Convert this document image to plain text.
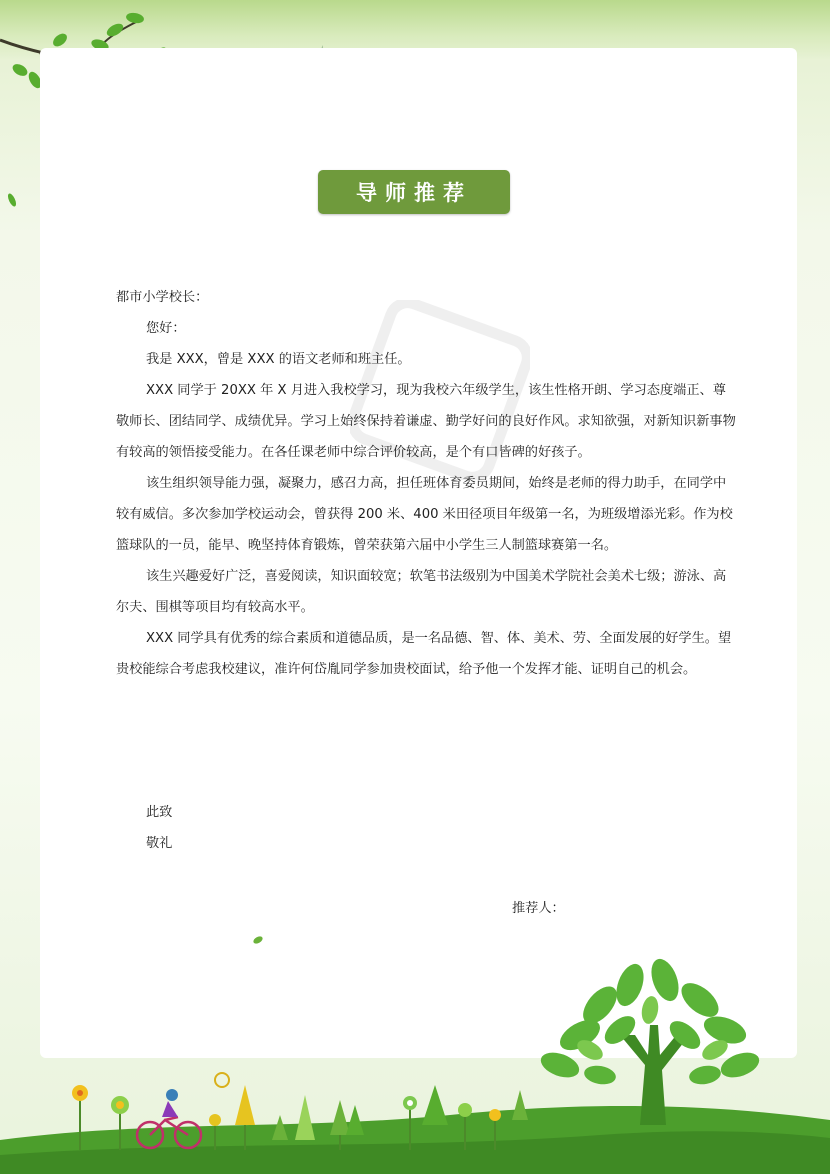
导师推荐

都市小学校长：

您好：

我是 XXX，曾是 XXX 的语文老师和班主任。

XXX 同学于 20XX 年 X 月进入我校学习，现为我校六年级学生，该生性格开朗、学习态度端正、尊敬师长、团结同学、成绩优异。学习上始终保持着谦虚、勤学好问的良好作风。求知欲强，对新知识新事物有较高的领悟接受能力。在各任课老师中综合评价较高，是个有口皆碑的好孩子。

该生组织领导能力强，凝聚力，感召力高，担任班体育委员期间，始终是老师的得力助手，在同学中较有威信。多次参加学校运动会，曾获得 200 米、400 米田径项目年级第一名，为班级增添光彩。作为校篮球队的一员，能早、晚坚持体育锻炼，曾荣获第六届中小学生三人制篮球赛第一名。

该生兴趣爱好广泛，喜爱阅读，知识面较宽；软笔书法级别为中国美术学院社会美术七级；游泳、高尔夫、围棋等项目均有较高水平。

XXX 同学具有优秀的综合素质和道德品质，是一名品德、智、体、美术、劳、全面发展的好学生。望贵校能综合考虑我校建议，准许何岱胤同学参加贵校面试，给予他一个发挥才能、证明自己的机会。

此致
敬礼
推荐人：
